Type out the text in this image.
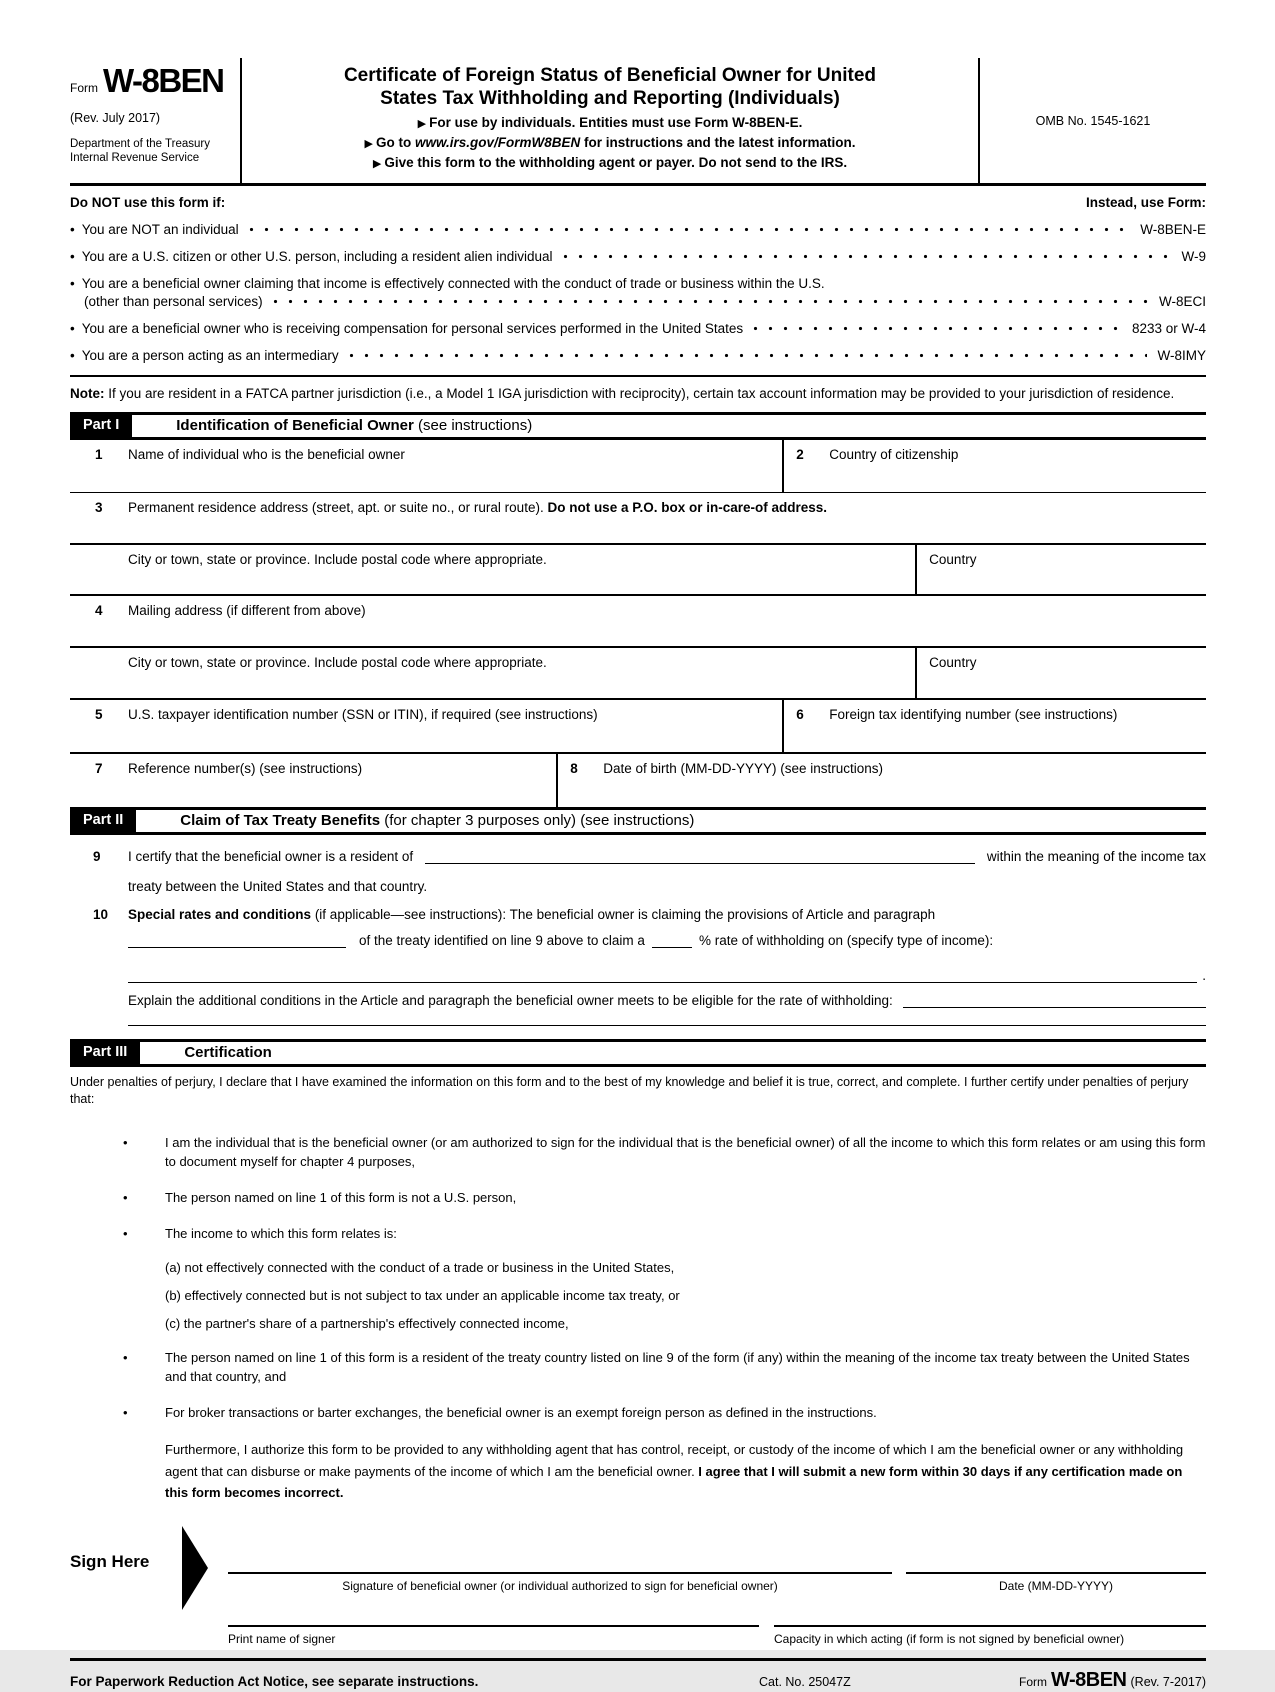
Form W-8BEN
(Rev. July 2017)
Department of the Treasury
Internal Revenue Service
Certificate of Foreign Status of Beneficial Owner for United
States Tax Withholding and Reporting (Individuals)
▶ For use by individuals. Entities must use Form W-8BEN-E.
▶ Go to www.irs.gov/FormW8BEN for instructions and the latest information.
▶ Give this form to the withholding agent or payer. Do not send to the IRS.
OMB No. 1545-1621
Do NOT use this form if:	Instead, use Form:
• You are NOT an individual	W-8BEN-E
• You are a U.S. citizen or other U.S. person, including a resident alien individual	W-9
• You are a beneficial owner claiming that income is effectively connected with the conduct of trade or business within the U.S.
(other than personal services)	W-8ECI
• You are a beneficial owner who is receiving compensation for personal services performed in the United States	8233 or W-4
• You are a person acting as an intermediary	W-8IMY
Note: If you are resident in a FATCA partner jurisdiction (i.e., a Model 1 IGA jurisdiction with reciprocity), certain tax account information may be provided to your jurisdiction of residence.
Part I	Identification of Beneficial Owner (see instructions)
1	Name of individual who is the beneficial owner	2	Country of citizenship
3	Permanent residence address (street, apt. or suite no., or rural route). Do not use a P.O. box or in-care-of address.
City or town, state or province. Include postal code where appropriate.	Country
4	Mailing address (if different from above)
City or town, state or province. Include postal code where appropriate.	Country
5	U.S. taxpayer identification number (SSN or ITIN), if required (see instructions)	6	Foreign tax identifying number (see instructions)
7	Reference number(s) (see instructions)	8	Date of birth (MM-DD-YYYY) (see instructions)
Part II	Claim of Tax Treaty Benefits (for chapter 3 purposes only) (see instructions)
9	I certify that the beneficial owner is a resident of	within the meaning of the income tax
treaty between the United States and that country.
10	Special rates and conditions (if applicable—see instructions): The beneficial owner is claiming the provisions of Article and paragraph
of the treaty identified on line 9 above to claim a	% rate of withholding on (specify type of income):
.
Explain the additional conditions in the Article and paragraph the beneficial owner meets to be eligible for the rate of withholding:
Part III	Certification
Under penalties of perjury, I declare that I have examined the information on this form and to the best of my knowledge and belief it is true, correct, and complete. I further certify under penalties of perjury that:
•	I am the individual that is the beneficial owner (or am authorized to sign for the individual that is the beneficial owner) of all the income to which this form relates or am using this form to document myself for chapter 4 purposes,
•	The person named on line 1 of this form is not a U.S. person,
•	The income to which this form relates is:
(a) not effectively connected with the conduct of a trade or business in the United States,
(b) effectively connected but is not subject to tax under an applicable income tax treaty, or
(c) the partner's share of a partnership's effectively connected income,
•	The person named on line 1 of this form is a resident of the treaty country listed on line 9 of the form (if any) within the meaning of the income tax treaty between the United States and that country, and
•	For broker transactions or barter exchanges, the beneficial owner is an exempt foreign person as defined in the instructions.
Furthermore, I authorize this form to be provided to any withholding agent that has control, receipt, or custody of the income of which I am the beneficial owner or any withholding agent that can disburse or make payments of the income of which I am the beneficial owner. I agree that I will submit a new form within 30 days if any certification made on this form becomes incorrect.
Sign Here
Signature of beneficial owner (or individual authorized to sign for beneficial owner)	Date (MM-DD-YYYY)
Print name of signer	Capacity in which acting (if form is not signed by beneficial owner)
For Paperwork Reduction Act Notice, see separate instructions.	Cat. No. 25047Z	Form W-8BEN (Rev. 7-2017)
